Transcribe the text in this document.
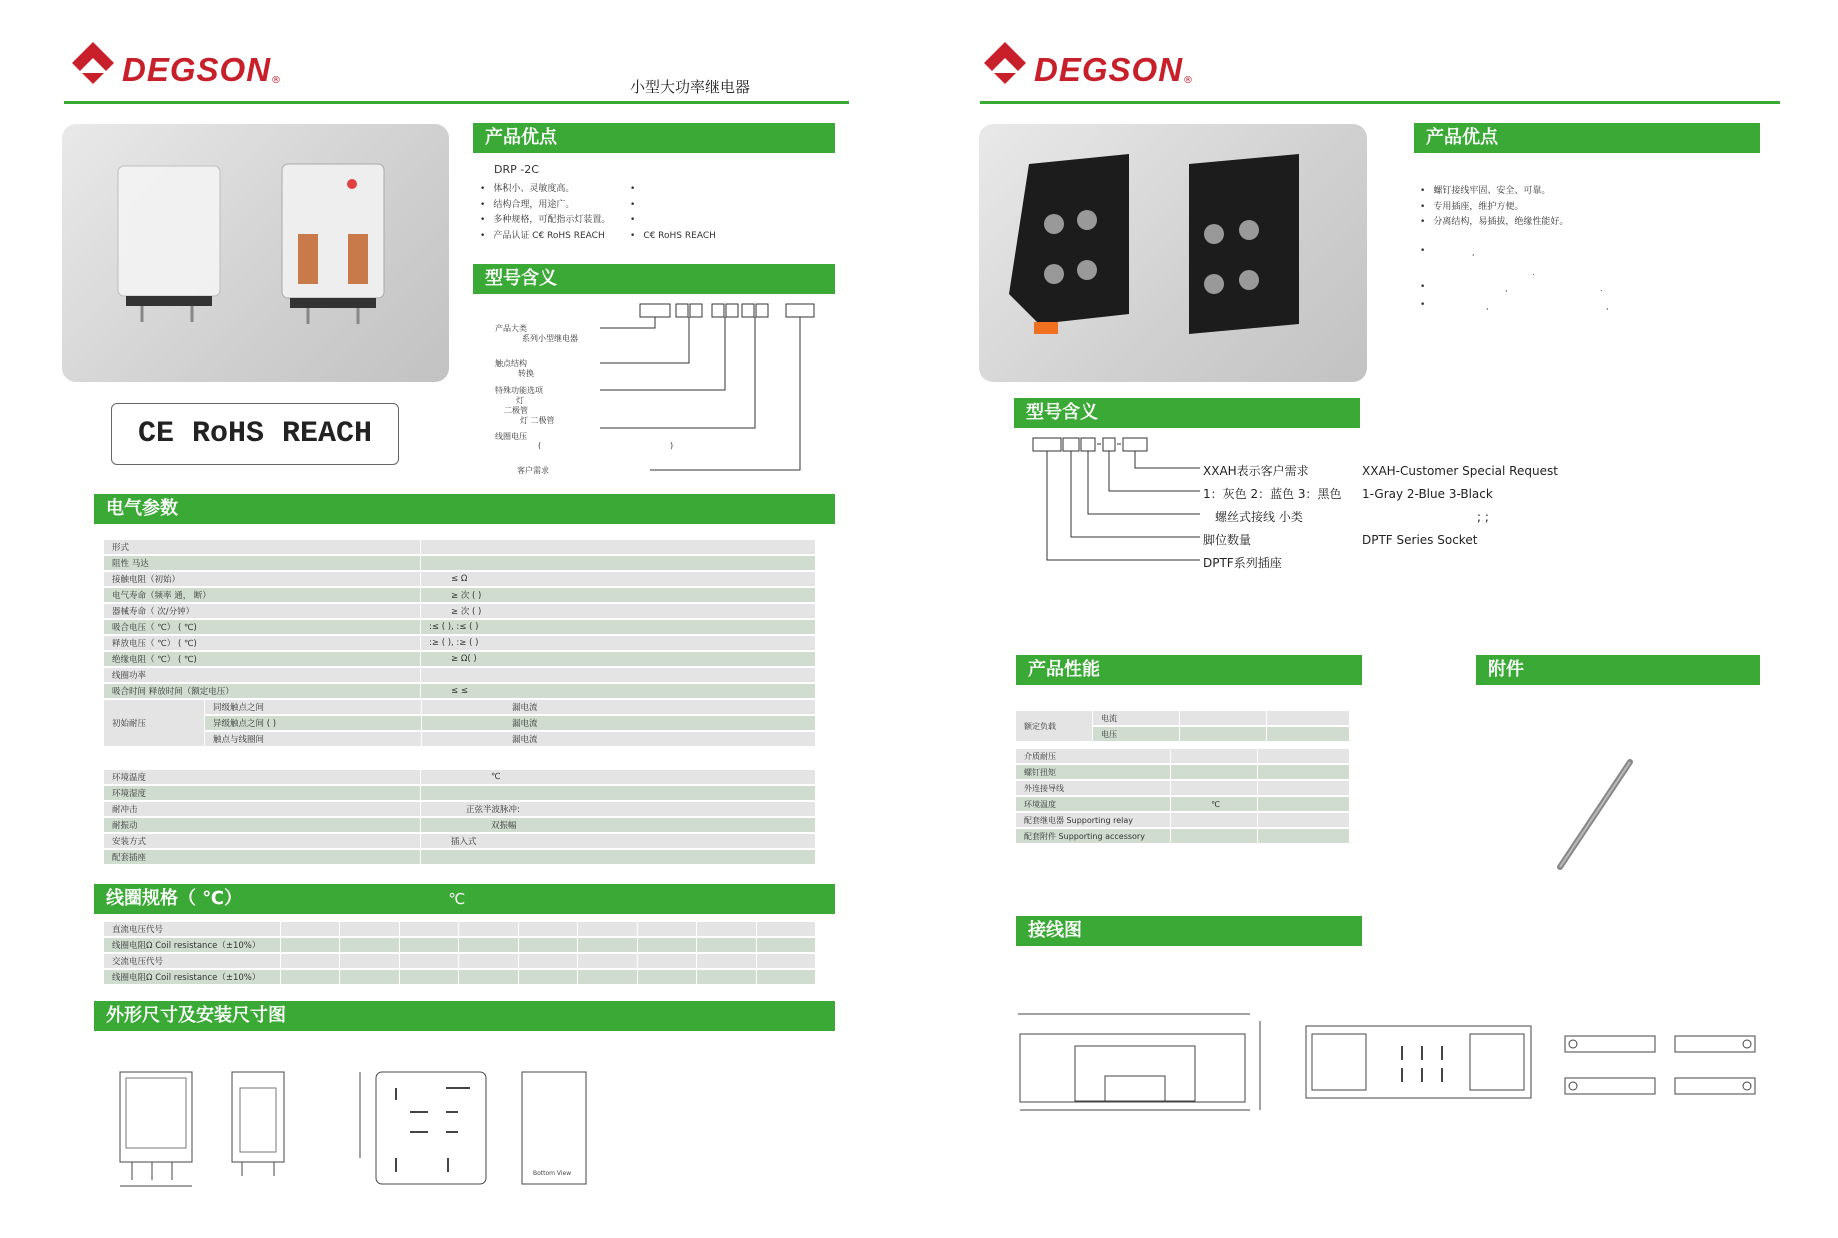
DEGSON ®	小型大功率继电器
CE RoHS REACH
产品优点
DRP -2C
• 体积小、灵敏度高。
• 结构合理，用途广。
• 多种规格，可配指示灯装置。
• 产品认证 C€ RoHS REACH
•
•
•	• C€ RoHS REACH
型号含义
产品大类
系列小型继电器
触点结构
转换
特殊功能选项
灯
二极管
灯 二极管
线圈电压
(	)
客户需求
电气参数
形式	
阻性 马达	
接触电阻（初始）	≤ Ω
电气寿命（频率 通， 断）	≥ 次 ( )
器械寿命（ 次/分钟）	≥ 次 ( )
吸合电压（ ℃） ( ℃)	:≤ ( ), :≤ ( )
释放电压（ ℃） ( ℃)	:≥ ( ), :≥ ( )
绝缘电阻（ ℃） ( ℃)	≥ Ω( )
线圈功率	
吸合时间 释放时间（额定电压）	≤ ≤
初始耐压	同级触点之间	漏电流
	异级触点之间 ( )	漏电流
	触点与线圈间	漏电流
环境温度	℃
环境湿度	
耐冲击	正弦半波脉冲:
耐振动	双振幅
安装方式	插入式
配套插座	
线圈规格（ ℃）	℃
直流电压代号									
线圈电阻Ω Coil resistance（±10%）									
交流电压代号									
线圈电阻Ω Coil resistance（±10%）									
外形尺寸及安装尺寸图
Bottom View
DEGSON ®
产品优点
• 螺钉接线牢固、安全、可靠。
• 专用插座，维护方便。
• 分离结构，易插拔，绝缘性能好。
•	,
.
•	,	.
•	,	,
型号含义
XXAH表示客户需求
1：灰色 2：蓝色 3：黑色
螺丝式接线 小类
脚位数量
DPTF系列插座
XXAH-Customer Special Request
1-Gray 2-Blue 3-Black
; ;
DPTF Series Socket
产品性能
额定负载	电流		
	电压		
介质耐压		
螺钉扭矩		
外连接导线		
环境温度	℃	
配套继电器 Supporting relay		
配套附件 Supporting accessory		
附件
接线图
